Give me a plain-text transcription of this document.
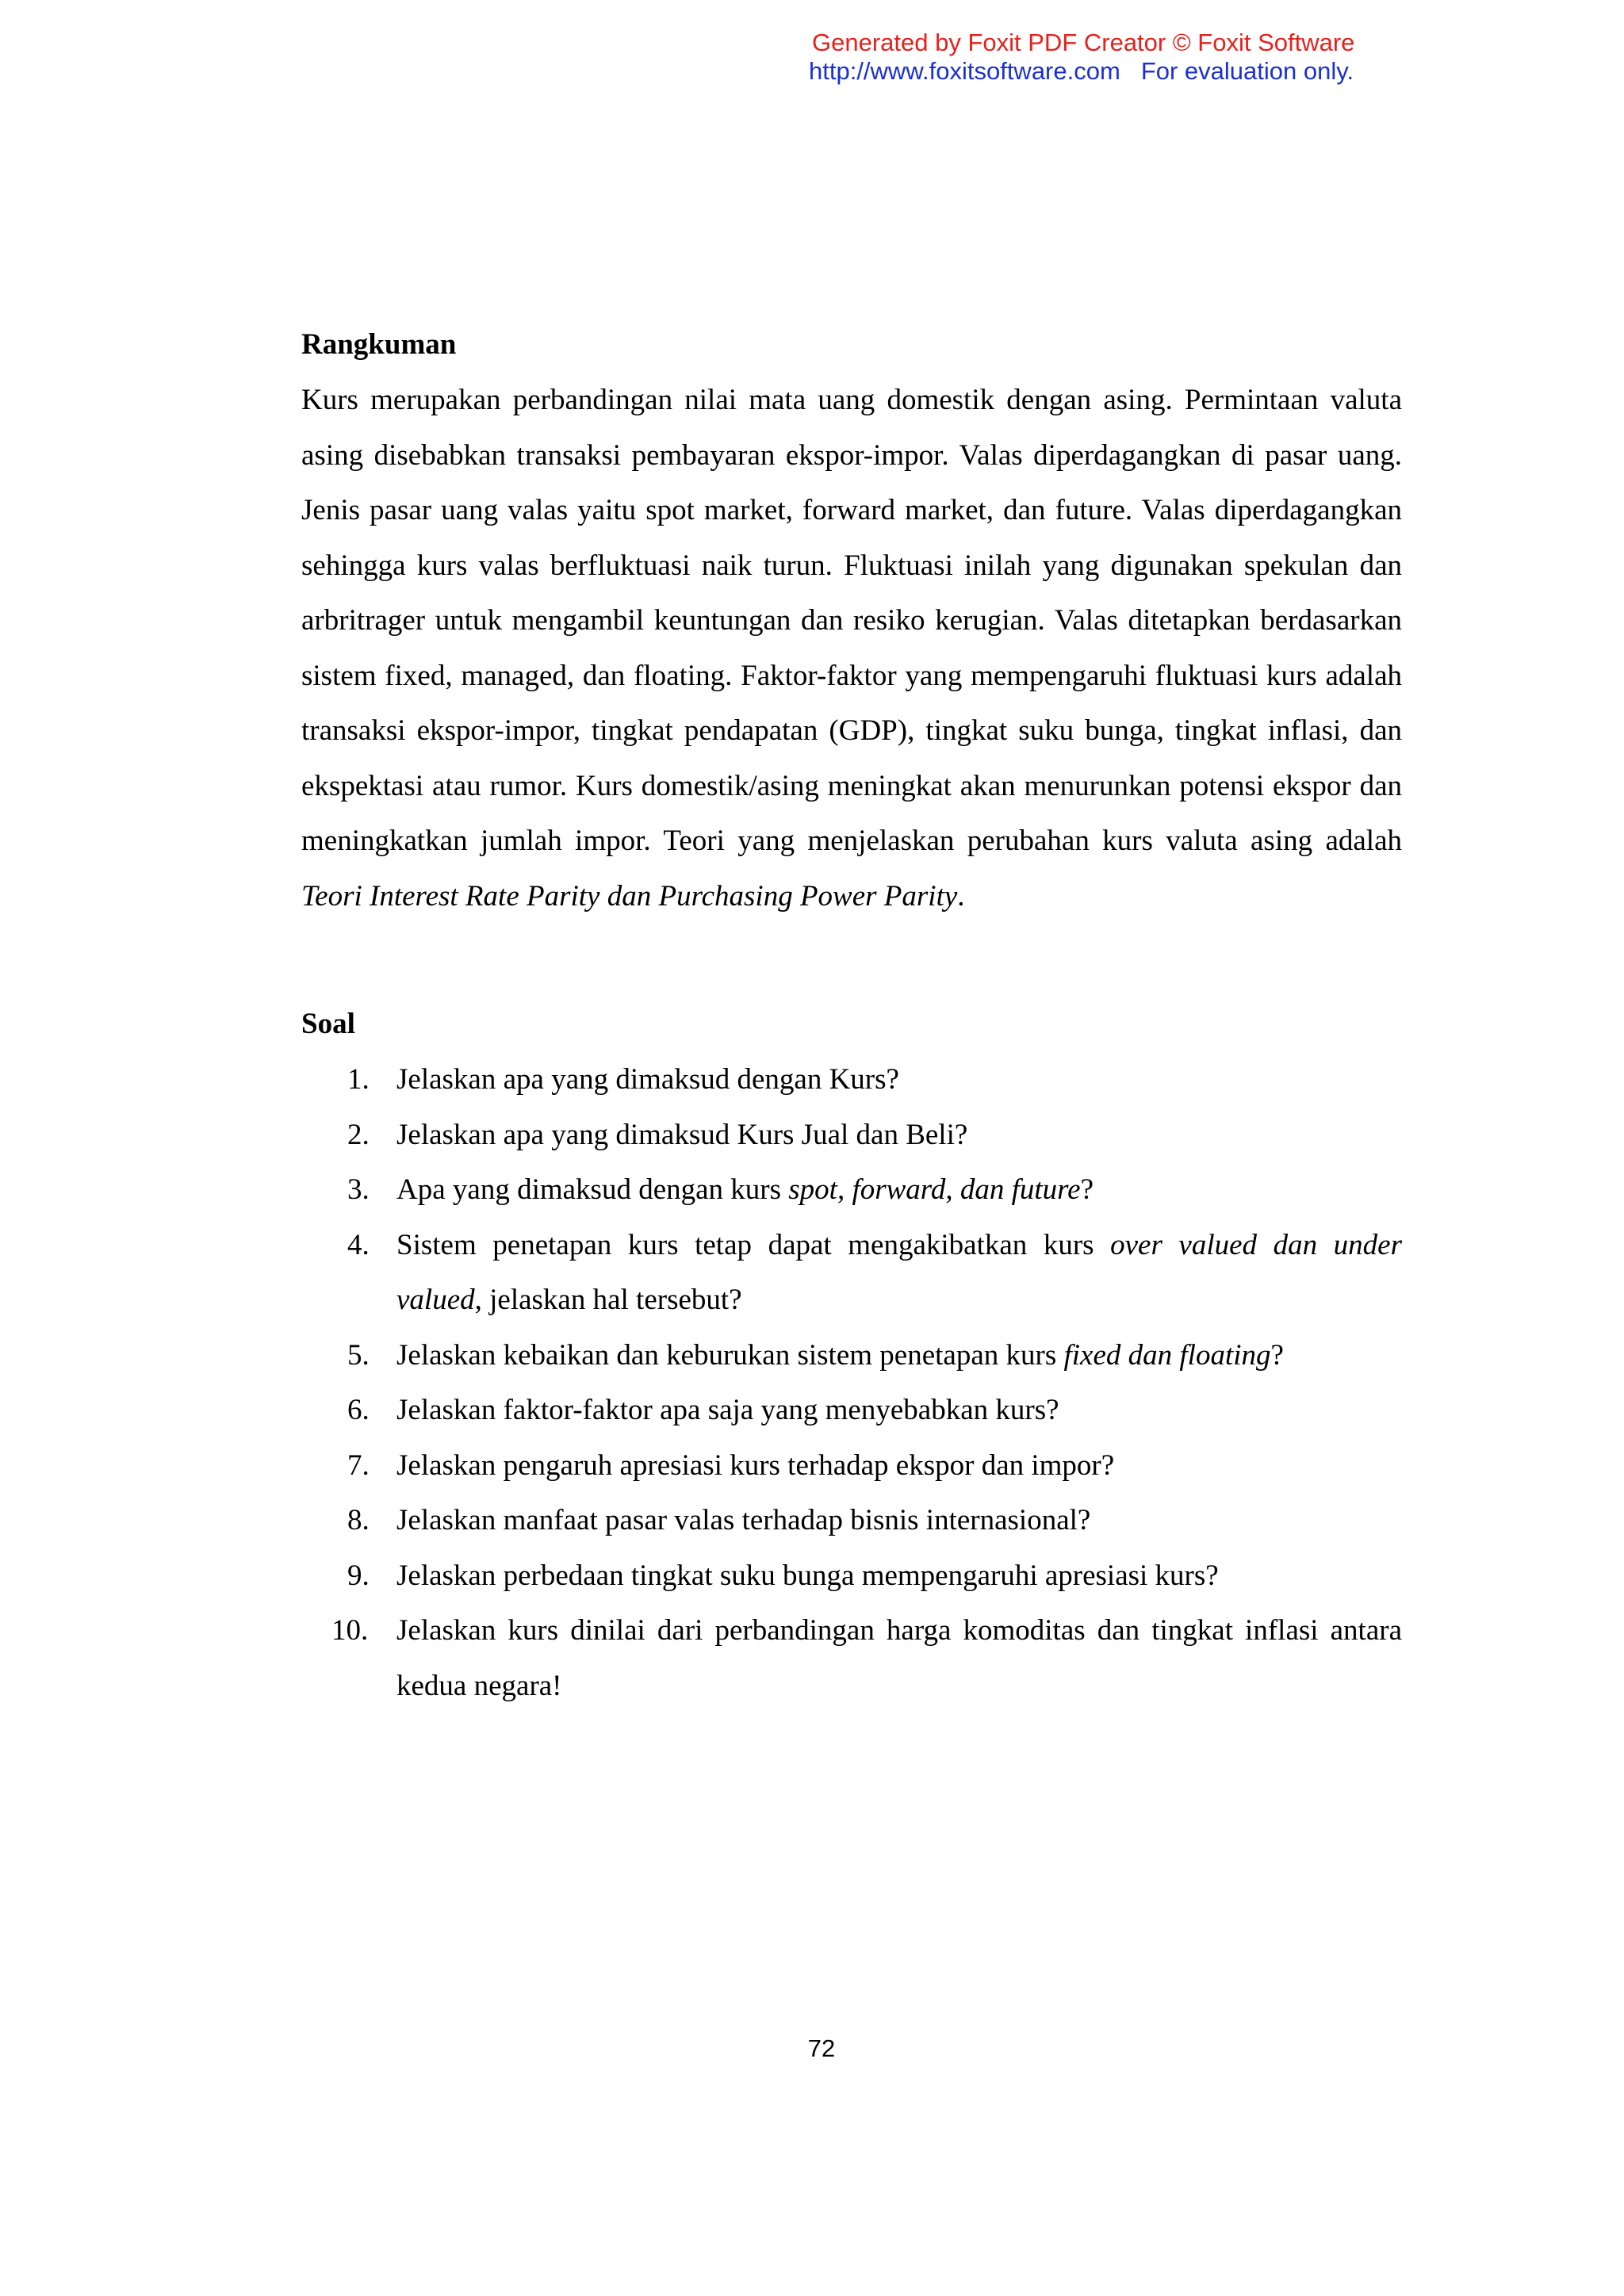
Generated by Foxit PDF Creator © Foxit Software
http://www.foxitsoftware.com For evaluation only.
Rangkuman

Kurs merupakan perbandingan nilai mata uang domestik dengan asing. Permintaan valuta asing disebabkan transaksi pembayaran ekspor-impor. Valas diperdagangkan di pasar uang. Jenis pasar uang valas yaitu spot market, forward market, dan future. Valas diperdagangkan sehingga kurs valas berfluktuasi naik turun. Fluktuasi inilah yang digunakan spekulan dan arbritrager untuk mengambil keuntungan dan resiko kerugian. Valas ditetapkan berdasarkan sistem fixed, managed, dan floating. Faktor-faktor yang mempengaruhi fluktuasi kurs adalah transaksi ekspor-impor, tingkat pendapatan (GDP), tingkat suku bunga, tingkat inflasi, dan ekspektasi atau rumor. Kurs domestik/asing meningkat akan menurunkan potensi ekspor dan meningkatkan jumlah impor. Teori yang menjelaskan perubahan kurs valuta asing adalah Teori Interest Rate Parity dan Purchasing Power Parity.

Soal
1. Jelaskan apa yang dimaksud dengan Kurs?
2. Jelaskan apa yang dimaksud Kurs Jual dan Beli?
3. Apa yang dimaksud dengan kurs spot, forward, dan future?
4. Sistem penetapan kurs tetap dapat mengakibatkan kurs over valued dan under valued, jelaskan hal tersebut?
5. Jelaskan kebaikan dan keburukan sistem penetapan kurs fixed dan floating?
6. Jelaskan faktor-faktor apa saja yang menyebabkan kurs?
7. Jelaskan pengaruh apresiasi kurs terhadap ekspor dan impor?
8. Jelaskan manfaat pasar valas terhadap bisnis internasional?
9. Jelaskan perbedaan tingkat suku bunga mempengaruhi apresiasi kurs?
10. Jelaskan kurs dinilai dari perbandingan harga komoditas dan tingkat inflasi antara kedua negara!
72
